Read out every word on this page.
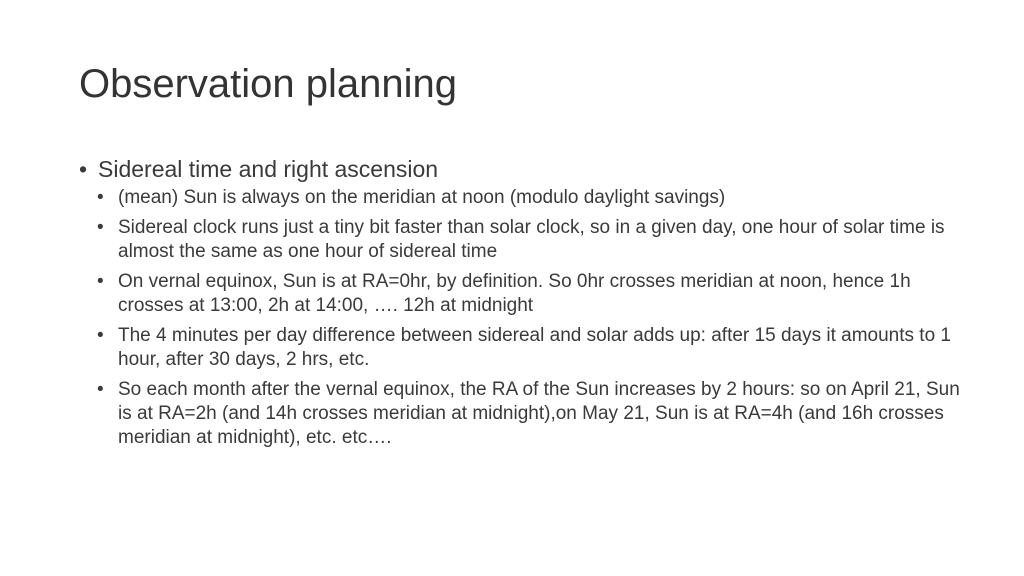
Observation planning
• Sidereal time and right ascension
• (mean) Sun is always on the meridian at noon (modulo daylight savings)
• Sidereal clock runs just a tiny bit faster than solar clock, so in a given day, one hour of solar time is almost the same as one hour of sidereal time
• On vernal equinox, Sun is at RA=0hr, by definition. So 0hr crosses meridian at noon, hence 1h crosses at 13:00, 2h at 14:00, …. 12h at midnight
• The 4 minutes per day difference between sidereal and solar adds up: after 15 days it amounts to 1 hour, after 30 days, 2 hrs, etc.
• So each month after the vernal equinox, the RA of the Sun increases by 2 hours: so on April 21, Sun is at RA=2h (and 14h crosses meridian at midnight),on May 21, Sun is at RA=4h (and 16h crosses meridian at midnight), etc. etc….
